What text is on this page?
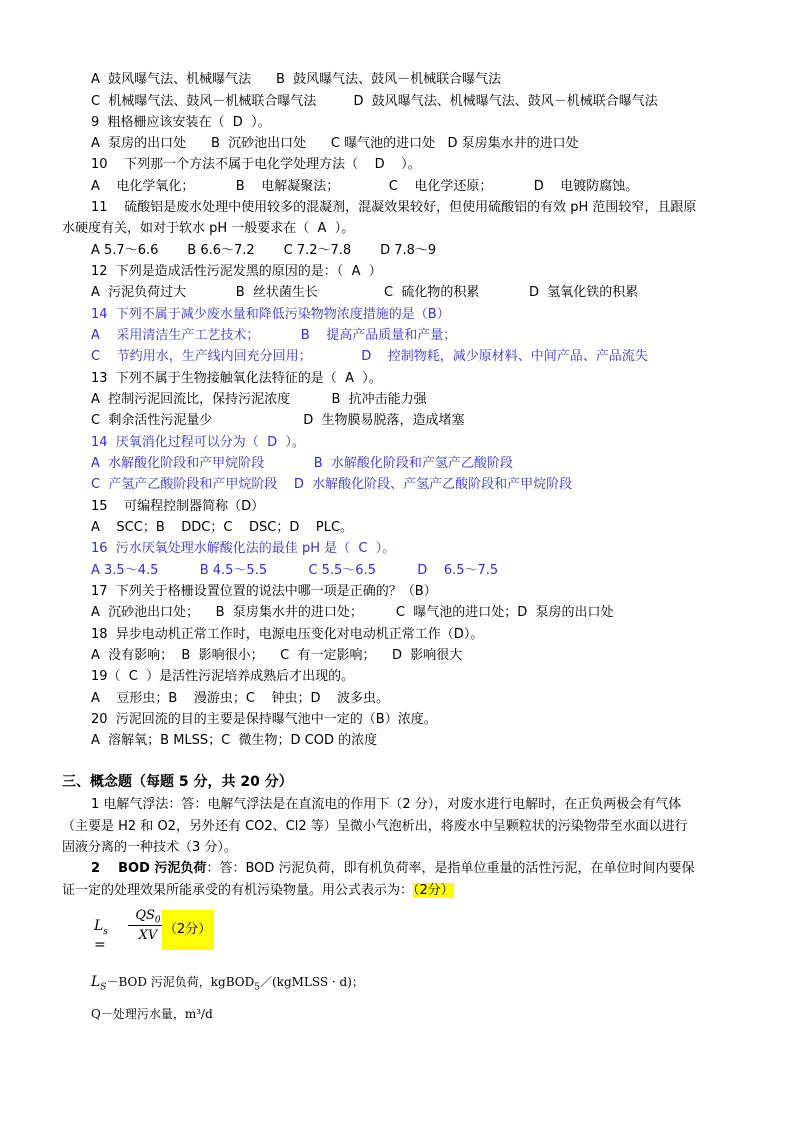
A  鼓风曝气法、机械曝气法      B  鼓风曝气法、鼓风－机械联合曝气法
C  机械曝气法、鼓风－机械联合曝气法         D  鼓风曝气法、机械曝气法、鼓风－机械联合曝气法
9  粗格栅应该安装在（  D  ）。
A  泵房的出口处      B  沉砂池出口处      C 曝气池的进口处   D 泵房集水井的进口处
10    下列那一个方法不属于电化学处理方法（    D    ）。
A    电化学氧化；          B    电解凝聚法；            C    电化学还原；          D    电镀防腐蚀。
11    硫酸铝是废水处理中使用较多的混凝剂，混凝效果较好，但使用硫酸铝的有效 pH 范围较窄，且跟原
水硬度有关，如对于软水 pH 一般要求在（  A  ）。
A 5.7～6.6       B 6.6～7.2       C 7.2～7.8       D 7.8～9
12  下列是造成活性污泥发黑的原因的是：（  A  ）
A  污泥负荷过大            B  丝状菌生长                C  硫化物的积累            D  氢氧化铁的积累
14  下列不属于减少废水量和降低污染物物浓度措施的是（B）
A    采用清洁生产工艺技术；          B    提高产品质量和产量；
C    节约用水，生产线内回充分回用；            D    控制物耗，减少原材料、中间产品、产品流失
13  下列不属于生物接触氧化法特征的是（  A  ）。
A  控制污泥回流比，保持污泥浓度          B  抗冲击能力强
C  剩余活性污泥量少                      D  生物膜易脱落，造成堵塞
14  厌氧消化过程可以分为（  D  ）。
A  水解酸化阶段和产甲烷阶段            B  水解酸化阶段和产氢产乙酸阶段
C  产氢产乙酸阶段和产甲烷阶段    D  水解酸化阶段、产氢产乙酸阶段和产甲烷阶段
15    可编程控制器简称（D）
A    SCC；B    DDC；C    DSC；D    PLC。
16  污水厌氧处理水解酸化法的最佳 pH 是（  C  ）。
A 3.5～4.5          B 4.5～5.5          C 5.5～6.5          D    6.5～7.5
17  下列关于格栅设置位置的说法中哪一项是正确的？（B）
A  沉砂池出口处；    B  泵房集水井的进口处；        C  曝气池的进口处；D  泵房的出口处
18  异步电动机正常工作时，电源电压变化对电动机正常工作（D）。
A  没有影响；  B  影响很小；    C  有一定影响；    D  影响很大
19（  C  ）是活性污泥培养成熟后才出现的。
A    豆形虫；B    漫游虫；C    钟虫；D    波多虫。
20  污泥回流的目的主要是保持曝气池中一定的（B）浓度。
A  溶解氧；B MLSS；C  微生物；D COD 的浓度
三、概念题（每题 5 分，共 20 分）
1 电解气浮法：答：电解气浮法是在直流电的作用下（2 分），对废水进行电解时，在正负两极会有气体
（主要是 H2 和 O2，另外还有 CO2、Cl2 等）呈微小气泡析出，将废水中呈颗粒状的污染物带至水面以进行
固液分离的一种技术（3 分）。
2    BOD 污泥负荷：答：BOD 污泥负荷，即有机负荷率，是指单位重量的活性污泥，在单位时间内要保
证一定的处理效果所能承受的有机污染物量。用公式表示为：（2分）
$L_s$ =
$QS_0$
XV （2分）
$L_S-BOD$ 污泥负荷，kgBOD$_5$／(kgMLSS · d)；
Q－处理污水量，m³/d
